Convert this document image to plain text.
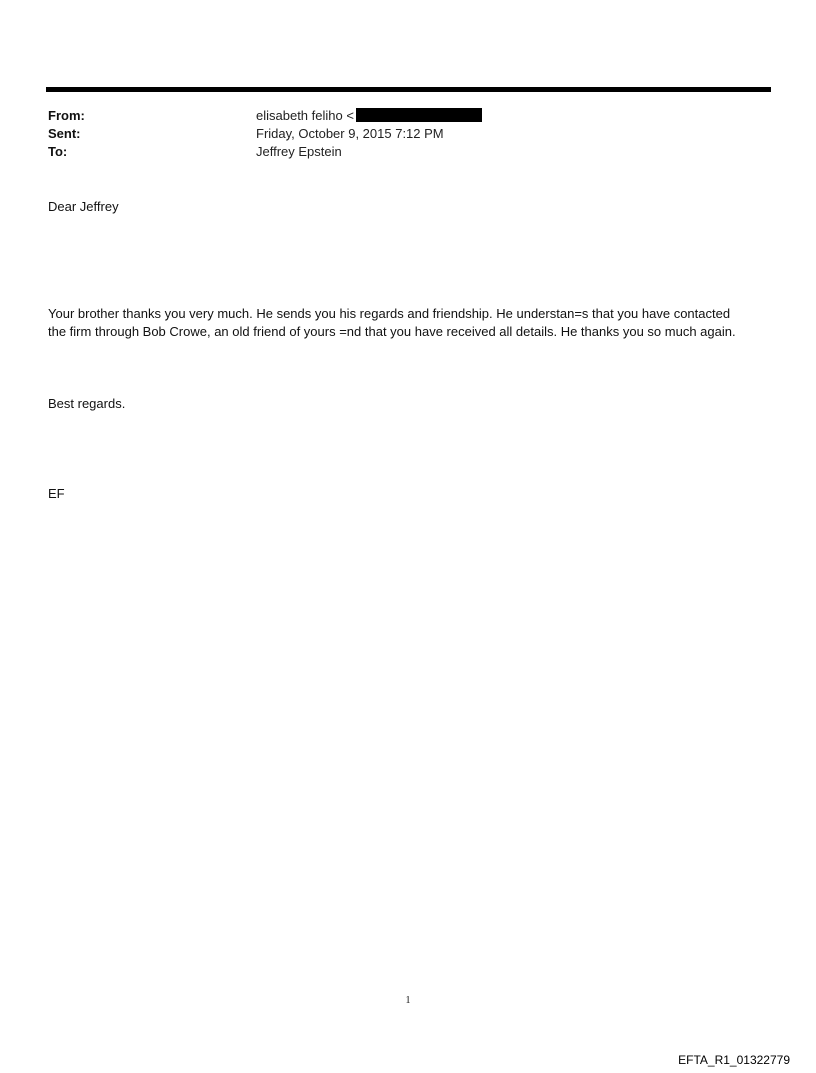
From:	elisabeth feliho <
Sent:	Friday, October 9, 2015 7:12 PM
To:	Jeffrey Epstein
Dear Jeffrey
Your brother thanks you very much. He sends you his regards and friendship. He understan=s that you have contacted
the firm through Bob Crowe, an old friend of yours =nd that you have received all details. He thanks you so much again.
Best regards.
EF
1
EFTA_R1_01322779
